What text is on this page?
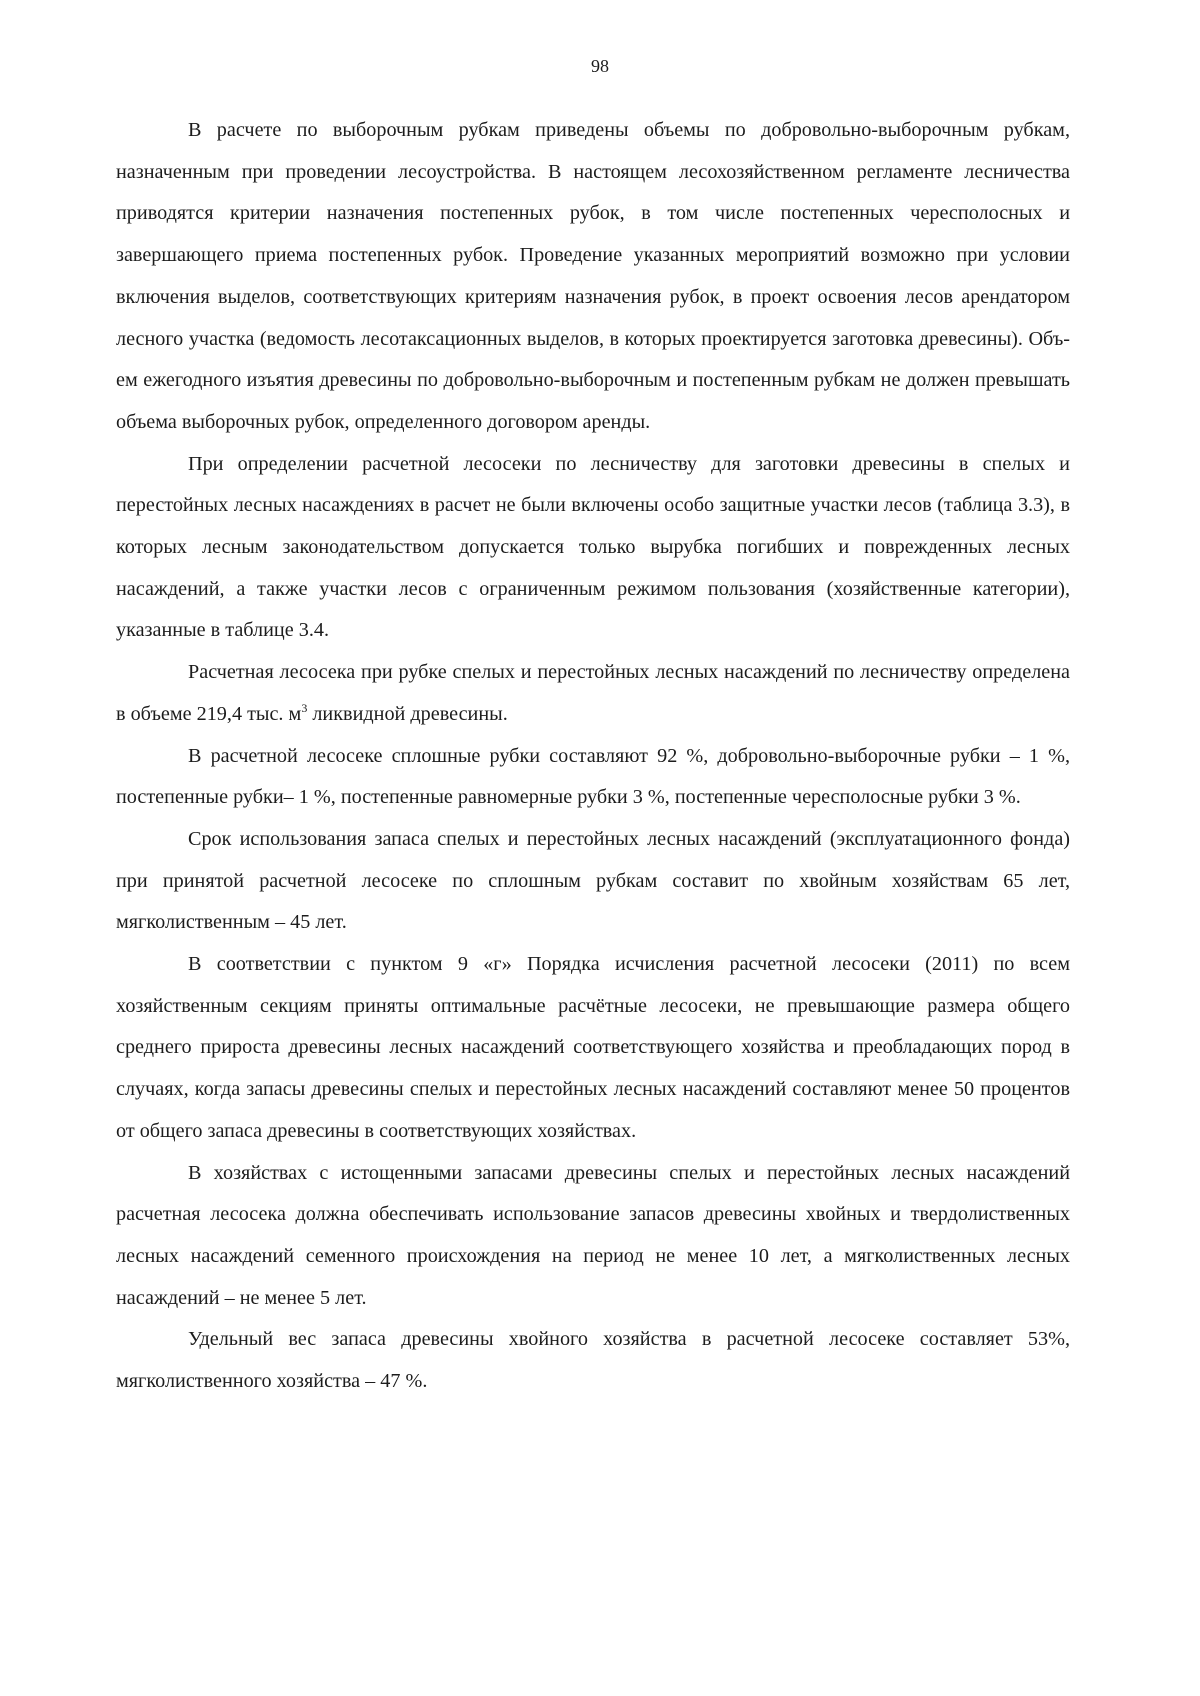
98

В расчете по выборочным рубкам приведены объемы по добровольно-выборочным рубкам, назначенным при проведении лесоустройства. В настоящем лесохозяйственном регламенте лесничества приводятся критерии назначения постепенных рубок, в том числе постепенных чересполосных и завершающего приема постепенных рубок. Проведение указанных мероприятий возможно при условии включения выделов, соответствующих критериям назначения рубок, в проект освоения лесов арендатором лесного участка (ведомость лесотаксационных выделов, в которых проектируется заготовка древесины). Объем ежегодного изъятия древесины по добровольно-выборочным и постепенным рубкам не должен превышать объема выборочных рубок, определенного договором аренды.

При определении расчетной лесосеки по лесничеству для заготовки древесины в спелых и перестойных лесных насаждениях в расчет не были включены особо защитные участки лесов (таблица 3.3), в которых лесным законодательством допускается только вырубка погибших и поврежденных лесных насаждений, а также участки лесов с ограниченным режимом пользования (хозяйственные категории), указанные в таблице 3.4.

Расчетная лесосека при рубке спелых и перестойных лесных насаждений по лесничеству определена в объеме 219,4 тыс. $м^3$ ликвидной древесины.

В расчетной лесосеке сплошные рубки составляют 92 %, добровольно-выборочные рубки – 1 %, постепенные рубки– 1 %, постепенные равномерные рубки 3 %, постепенные чересполосные рубки 3 %.

Срок использования запаса спелых и перестойных лесных насаждений (эксплуатационного фонда) при принятой расчетной лесосеке по сплошным рубкам составит по хвойным хозяйствам 65 лет, мягколиственным – 45 лет.

В соответствии с пунктом 9 «г» Порядка исчисления расчетной лесосеки (2011) по всем хозяйственным секциям приняты оптимальные расчётные лесосеки, не превышающие размера общего среднего прироста древесины лесных насаждений соответствующего хозяйства и преобладающих пород в случаях, когда запасы древесины спелых и перестойных лесных насаждений составляют менее 50 процентов от общего запаса древесины в соответствующих хозяйствах.

В хозяйствах с истощенными запасами древесины спелых и перестойных лесных насаждений расчетная лесосека должна обеспечивать использование запасов древесины хвойных и твердолиственных лесных насаждений семенного происхождения на период не менее 10 лет, а мягколиственных лесных насаждений – не менее 5 лет.

Удельный вес запаса древесины хвойного хозяйства в расчетной лесосеке составляет 53%, мягколиственного хозяйства – 47 %.
